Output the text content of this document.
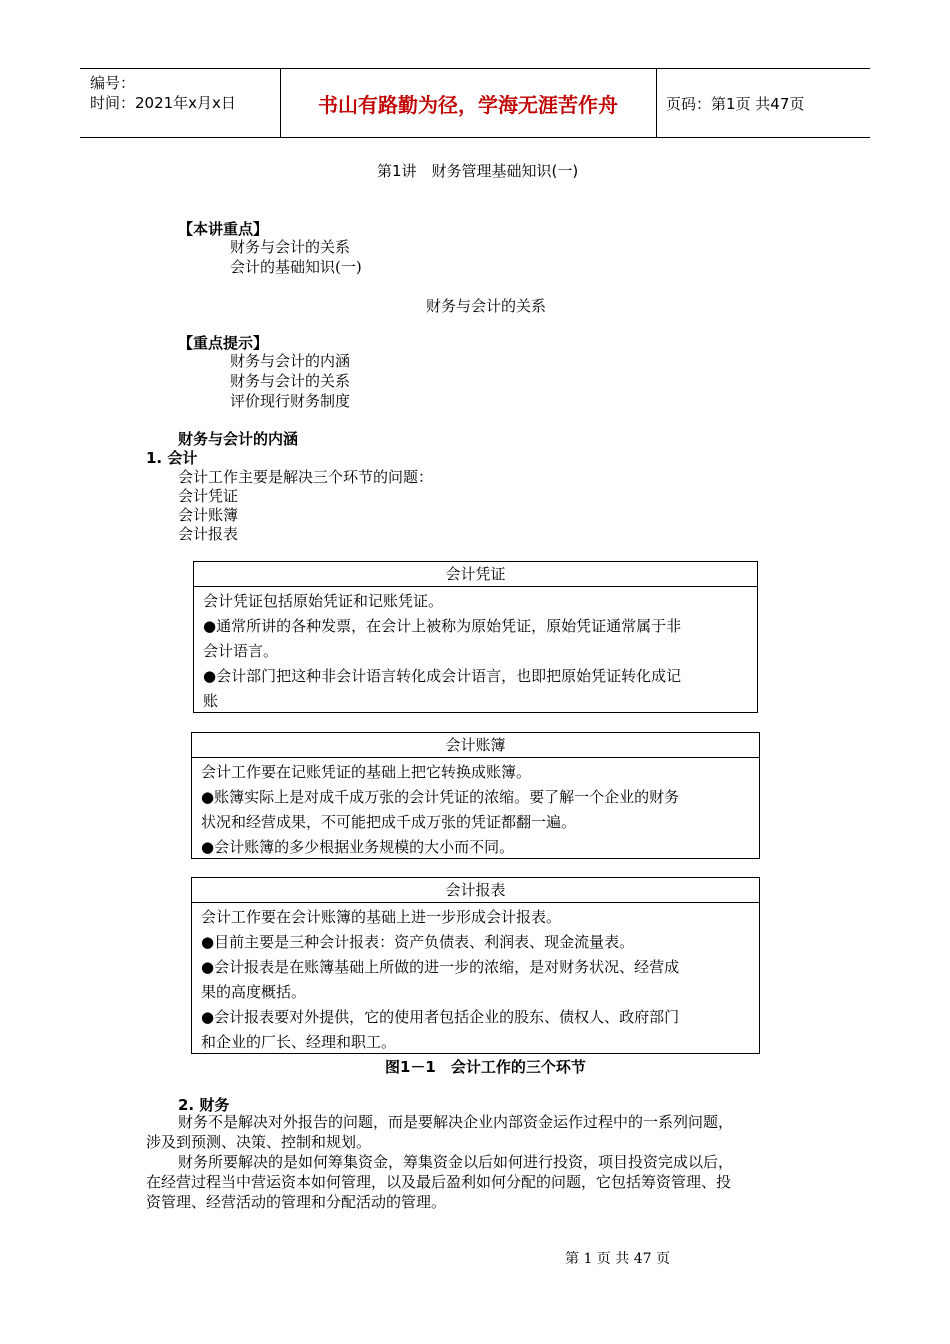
编号：
时间：2021年x月x日	书山有路勤为径，学海无涯苦作舟	页码：第1页 共47页
第1讲　财务管理基础知识(一)
【本讲重点】
财务与会计的关系
会计的基础知识(一)
财务与会计的关系
【重点提示】
财务与会计的内涵
财务与会计的关系
评价现行财务制度
财务与会计的内涵
1. 会计
会计工作主要是解决三个环节的问题：
会计凭证
会计账簿
会计报表
会计凭证
会计凭证包括原始凭证和记账凭证。
●通常所讲的各种发票，在会计上被称为原始凭证，原始凭证通常属于非
会计语言。
●会计部门把这种非会计语言转化成会计语言，也即把原始凭证转化成记
账
会计账簿
会计工作要在记账凭证的基础上把它转换成账簿。
●账簿实际上是对成千成万张的会计凭证的浓缩。要了解一个企业的财务
状况和经营成果，不可能把成千成万张的凭证都翻一遍。
●会计账簿的多少根据业务规模的大小而不同。
会计报表
会计工作要在会计账簿的基础上进一步形成会计报表。
●目前主要是三种会计报表：资产负债表、利润表、现金流量表。
●会计报表是在账簿基础上所做的进一步的浓缩，是对财务状况、经营成
果的高度概括。
●会计报表要对外提供，它的使用者包括企业的股东、债权人、政府部门
和企业的厂长、经理和职工。
图1－1　会计工作的三个环节
2. 财务
财务不是解决对外报告的问题，而是要解决企业内部资金运作过程中的一系列问题，
涉及到预测、决策、控制和规划。
财务所要解决的是如何筹集资金，筹集资金以后如何进行投资，项目投资完成以后，
在经营过程当中营运资本如何管理，以及最后盈利如何分配的问题，它包括筹资管理、投
资管理、经营活动的管理和分配活动的管理。
第 1 页 共 47 页
